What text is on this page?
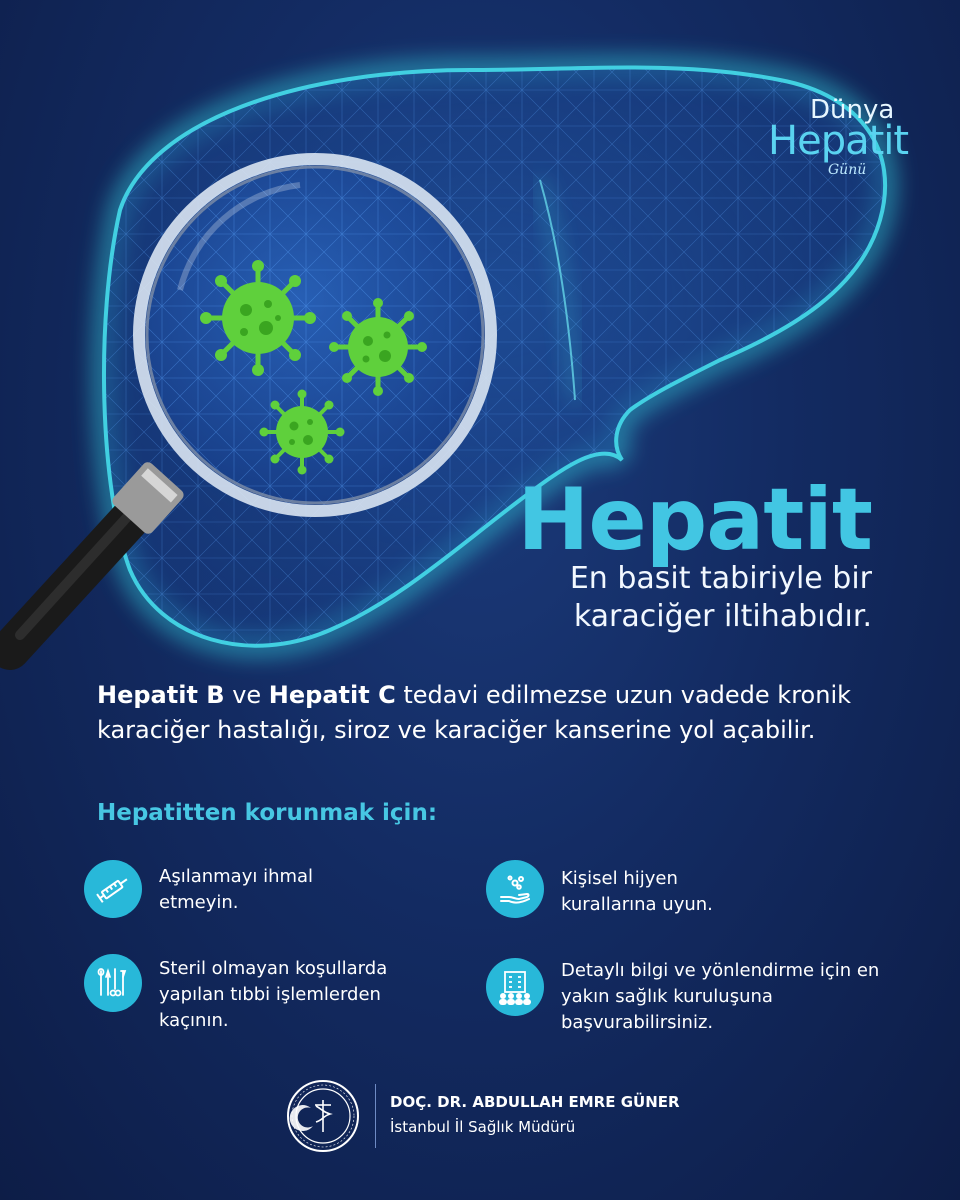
Dünya
Hepatit
Günü
Hepatit
En basit tabiriyle bir karaciğer iltihabıdır.
Hepatit B ve Hepatit C tedavi edilmezse uzun vadede kronik karaciğer hastalığı, siroz ve karaciğer kanserine yol açabilir.
Hepatitten korunmak için:
Aşılanmayı ihmal etmeyin.
Kişisel hijyen kurallarına uyun.
Steril olmayan koşullarda yapılan tıbbi işlemlerden kaçının.
Detaylı bilgi ve yönlendirme için en yakın sağlık kuruluşuna başvurabilirsiniz.
DOÇ. DR. ABDULLAH EMRE GÜNER
İstanbul İl Sağlık Müdürü
